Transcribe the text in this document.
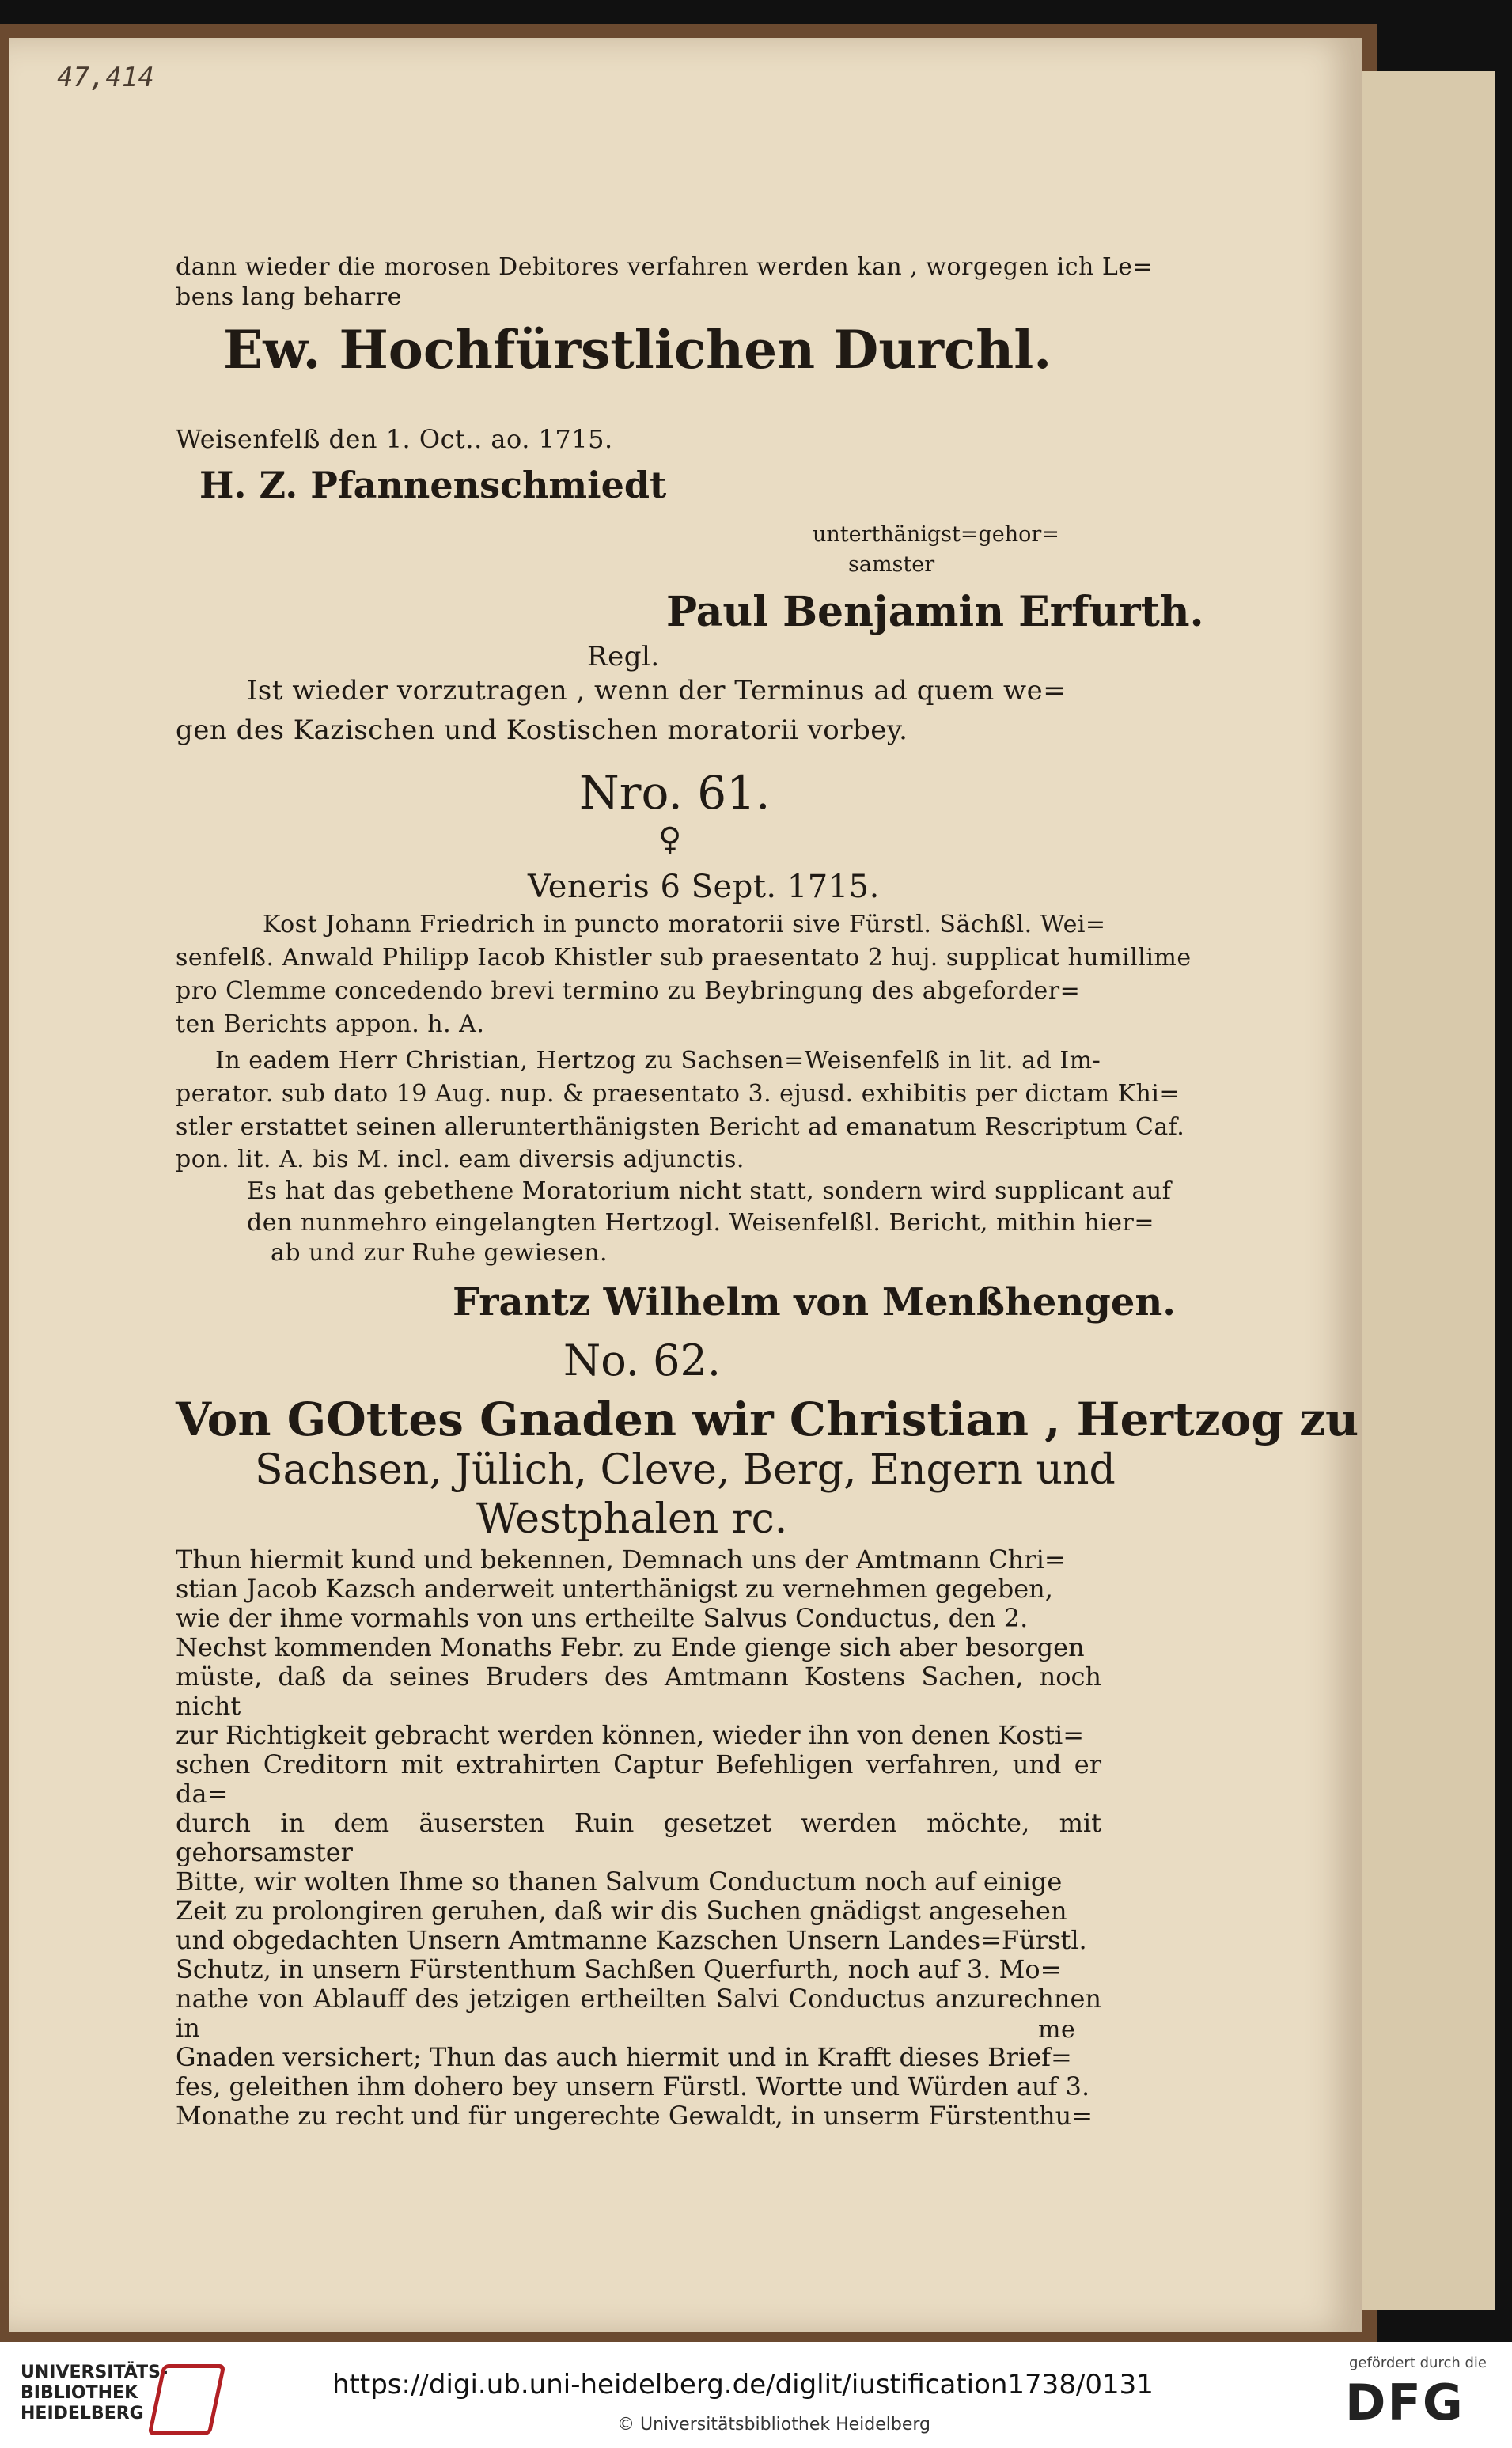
47,414
dann wieder die morosen Debitores verfahren werden kan , worgegen ich Le=
bens lang beharre
Ew. Hochfürstlichen Durchl.
Weisenfelß den 1. Oct.. ao. 1715.
H. Z. Pfannenschmiedt
unterthänigst=gehor=
samster
Paul Benjamin Erfurth.
Regl.
Ist wieder vorzutragen , wenn der Terminus ad quem we=
gen des Kazischen und Kostischen moratorii vorbey.
Nro. 61.
♀
Veneris 6 Sept. 1715.
Kost Johann Friedrich in puncto moratorii sive Fürstl. Sächßl. Wei=
senfelß. Anwald Philipp Iacob Khistler sub praesentato 2 huj. supplicat humillime
pro Clemme concedendo brevi termino zu Beybringung des abgeforder=
ten Berichts appon. h. A.
In eadem Herr Christian, Hertzog zu Sachsen=Weisenfelß in lit. ad Im-
perator. sub dato 19 Aug. nup. & praesentato 3. ejusd. exhibitis per dictam Khi=
stler erstattet seinen allerunterthänigsten Bericht ad emanatum Rescriptum Caf.
pon. lit. A. bis M. incl. eam diversis adjunctis.
Es hat das gebethene Moratorium nicht statt, sondern wird supplicant auf
den nunmehro eingelangten Hertzogl. Weisenfelßl. Bericht, mithin hier=
ab und zur Ruhe gewiesen.
Frantz Wilhelm von Menßhengen.
No. 62.
Von GOttes Gnaden wir Christian , Hertzog zu
Sachsen, Jülich, Cleve, Berg, Engern und
Westphalen rc.

Thun hiermit kund und bekennen, Demnach uns der Amtmann Chri=

stian Jacob Kazsch anderweit unterthänigst zu vernehmen gegeben,

wie der ihme vormahls von uns ertheilte Salvus Conductus, den 2.

Nechst kommenden Monaths Febr. zu Ende gienge sich aber besorgen

müste, daß da seines Bruders des Amtmann Kostens Sachen, noch nicht

zur Richtigkeit gebracht werden können, wieder ihn von denen Kosti=

schen Creditorn mit extrahirten Captur Befehligen verfahren, und er da=

durch in dem äusersten Ruin gesetzet werden möchte, mit gehorsamster

Bitte, wir wolten Ihme so thanen Salvum Conductum noch auf einige

Zeit zu prolongiren geruhen, daß wir dis Suchen gnädigst angesehen

und obgedachten Unsern Amtmanne Kazschen Unsern Landes=Fürstl.

Schutz, in unsern Fürstenthum Sachßen Querfurth, noch auf 3. Mo=

nathe von Ablauff des jetzigen ertheilten Salvi Conductus anzurechnen in

Gnaden versichert; Thun das auch hiermit und in Krafft dieses Brief=

fes, geleithen ihm dohero bey unsern Fürstl. Wortte und Würden auf 3.

Monathe zu recht und für ungerechte Gewaldt, in unserm Fürstenthu=

me
UNIVERSITÄTS-
BIBLIOTHEK
HEIDELBERG
https://digi.ub.uni-heidelberg.de/diglit/iustification1738/0131
© Universitätsbibliothek Heidelberg
gefördert durch die
DFG
